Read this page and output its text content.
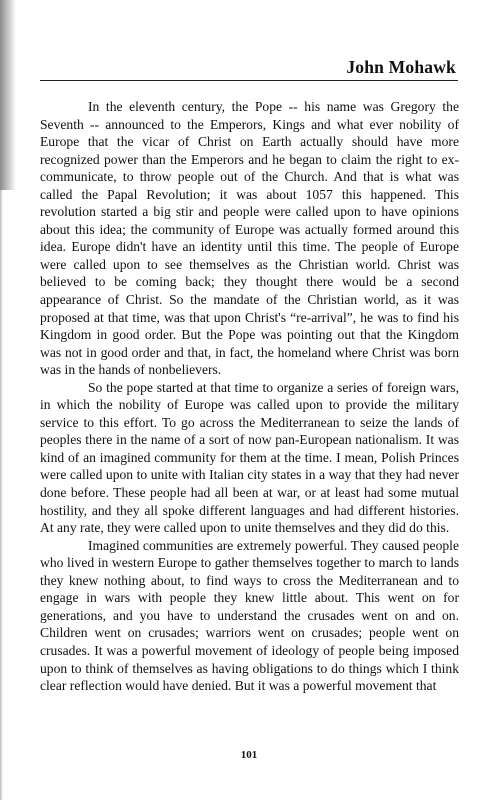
John Mohawk

In the eleventh century, the Pope -- his name was Gregory the Seventh -- announced to the Emperors, Kings and what ever nobility of Europe that the vicar of Christ on Earth actually should have more recognized power than the Emperors and he began to claim the right to ex-communicate, to throw people out of the Church. And that is what was called the Papal Revolution; it was about 1057 this happened. This revolution started a big stir and people were called upon to have opinions about this idea; the community of Europe was actually formed around this idea. Europe didn't have an identity until this time. The people of Europe were called upon to see themselves as the Christian world. Christ was believed to be coming back; they thought there would be a second appearance of Christ. So the mandate of the Christian world, as it was proposed at that time, was that upon Christ's “re-arrival”, he was to find his Kingdom in good order. But the Pope was pointing out that the Kingdom was not in good order and that, in fact, the homeland where Christ was born was in the hands of nonbelievers.

So the pope started at that time to organize a series of foreign wars, in which the nobility of Europe was called upon to provide the military service to this effort. To go across the Mediterranean to seize the lands of peoples there in the name of a sort of now pan-European nationalism. It was kind of an imagined community for them at the time. I mean, Polish Princes were called upon to unite with Italian city states in a way that they had never done before. These people had all been at war, or at least had some mutual hostility, and they all spoke different languages and had different histories. At any rate, they were called upon to unite themselves and they did do this.

Imagined communities are extremely powerful. They caused people who lived in western Europe to gather themselves together to march to lands they knew nothing about, to find ways to cross the Mediterranean and to engage in wars with people they knew little about. This went on for generations, and you have to understand the crusades went on and on. Children went on crusades; warriors went on crusades; people went on crusades. It was a powerful movement of ideology of people being imposed upon to think of themselves as having obligations to do things which I think clear reflection would have denied. But it was a powerful movement that

101
